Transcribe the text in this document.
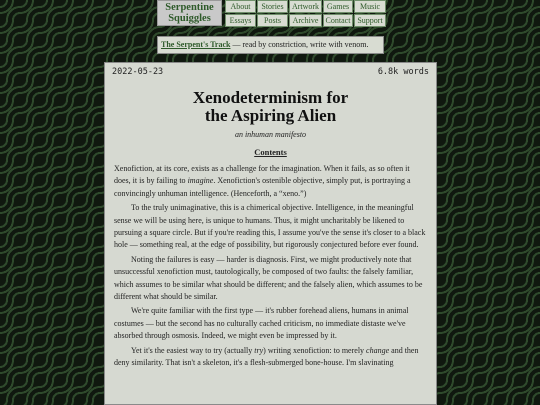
Serpentine
Squiggles
About	Stories	Artwork Games	Music
Essays	Posts	Archive Contact Support
The Serpent's Track — read by constriction, write with venom.
2022-05-23	6.8k words
Xenodeterminism for
the Aspiring Alien
an inhuman manifesto
Contents

Xenofiction, at its core, exists as a challenge for the imagination. When it fails, as so often it does, it is by failing to imagine. Xenofiction's ostenible objective, simply put, is portraying a convincingly unhuman intelligence. (Henceforth, a “xeno.”)

To the truly unimaginative, this is a chimerical objective. Intelligence, in the meaningful sense we will be using here, is unique to humans. Thus, it might uncharitably be likened to pursuing a square circle. But if you're reading this, I assume you've the sense it's closer to a black hole — something real, at the edge of possibility, but rigorously conjectured before ever found.

Noting the failures is easy — harder is diagnosis. First, we might productively note that unsuccessful xenofiction must, tautologically, be composed of two faults: the falsely familiar, which assumes to be similar what should be different; and the falsely alien, which assumes to be different what should be similar.

We're quite familiar with the first type — it's rubber forehead aliens, humans in animal costumes — but the second has no culturally cached criticism, no immediate distaste we've absorbed through osmosis. Indeed, we might even be impressed by it.

Yet it's the easiest way to try (actually try) writing xenofiction: to merely change and then deny similarity. That isn't a skeleton, it's a flesh-submerged bone-house. I'm slavinating
